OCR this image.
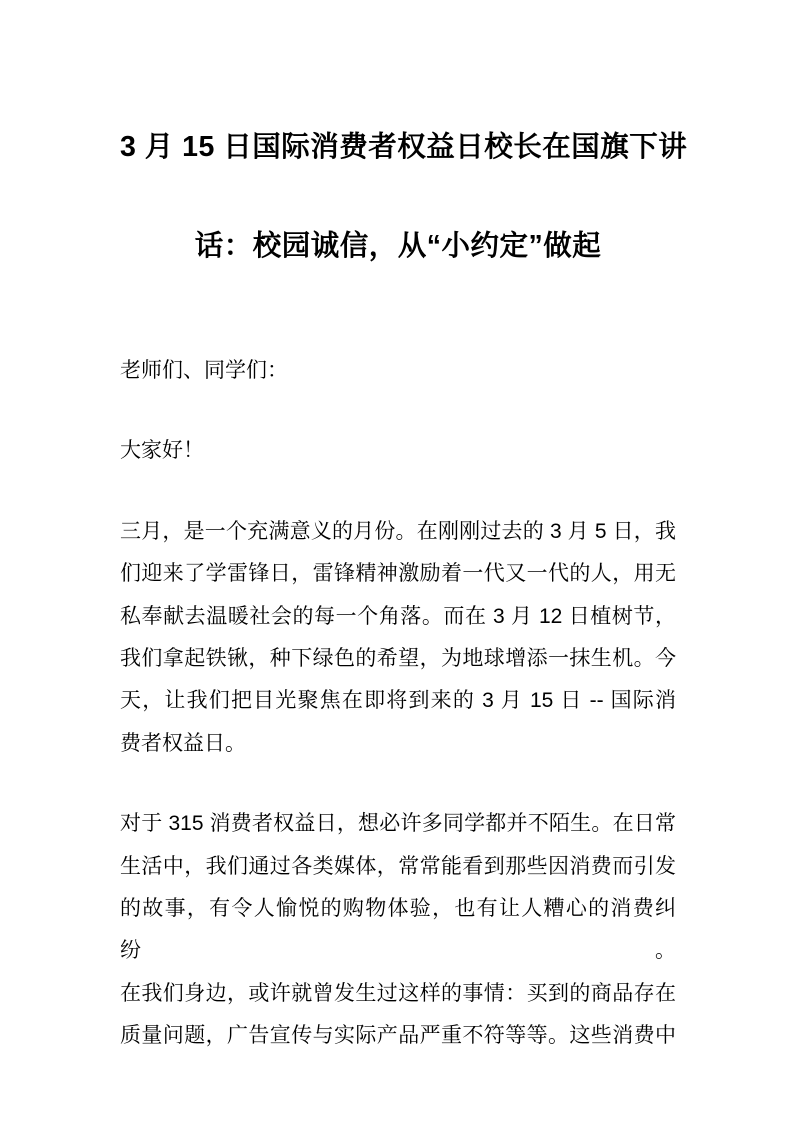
3 月 15 日国际消费者权益日校长在国旗下讲
话：校园诚信，从“小约定”做起
老师们、同学们：
大家好！
三月，是一个充满意义的月份。在刚刚过去的 3 月 5 日，我
们迎来了学雷锋日，雷锋精神激励着一代又一代的人，用无
私奉献去温暖社会的每一个角落。而在 3 月 12 日植树节，
我们拿起铁锹，种下绿色的希望，为地球增添一抹生机。今
天，让我们把目光聚焦在即将到来的 3 月 15 日 -- 国际消
费者权益日。
对于 315 消费者权益日，想必许多同学都并不陌生。在日常
生活中，我们通过各类媒体，常常能看到那些因消费而引发
的故事，有令人愉悦的购物体验，也有让人糟心的消费纠纷。
在我们身边，或许就曾发生过这样的事情：买到的商品存在
质量问题，广告宣传与实际产品严重不符等等。这些消费中
